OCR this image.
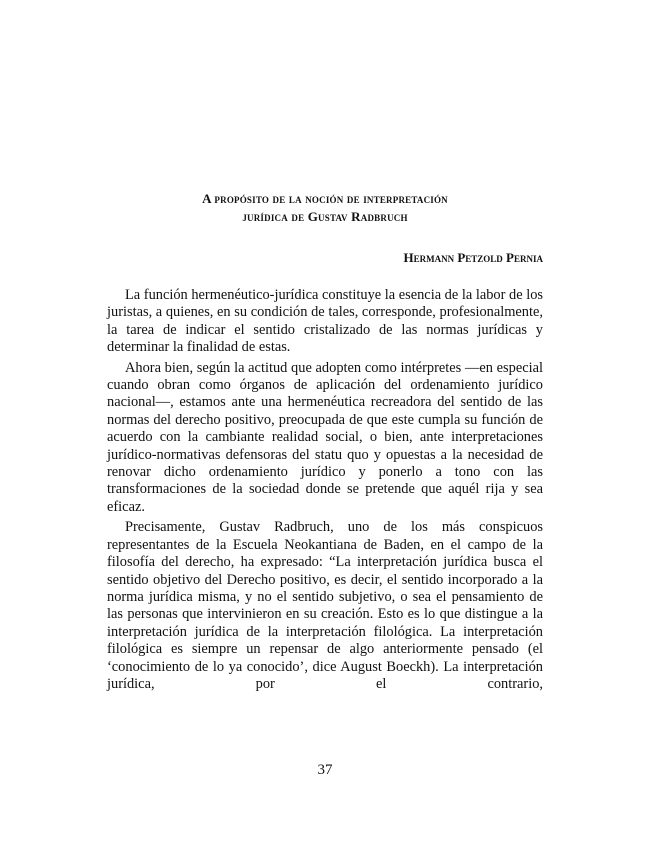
A propósito de la noción de interpretación
jurídica de Gustav Radbruch

Hermann Petzold Pernia

La función hermenéutico-jurídica constituye la esencia de la labor de los juristas, a quienes, en su condición de tales, corresponde, profesionalmente, la tarea de indicar el sentido cristalizado de las normas jurídicas y determinar la finalidad de estas.

Ahora bien, según la actitud que adopten como intérpretes —en especial cuando obran como órganos de aplicación del ordenamiento jurídico nacional—, estamos ante una hermenéutica recreadora del sentido de las normas del derecho positivo, preocupada de que este cumpla su función de acuerdo con la cambiante realidad social, o bien, ante interpretaciones jurídico-normativas defensoras del statu quo y opuestas a la necesidad de renovar dicho ordenamiento jurídico y ponerlo a tono con las transformaciones de la sociedad donde se pretende que aquél rija y sea eficaz.

Precisamente, Gustav Radbruch, uno de los más conspicuos representantes de la Escuela Neokantiana de Baden, en el campo de la filosofía del derecho, ha expresado: “La interpretación jurídica busca el sentido objetivo del Derecho positivo, es decir, el sentido incorporado a la norma jurídica misma, y no el sentido subjetivo, o sea el pensamiento de las personas que intervinieron en su creación. Esto es lo que distingue a la interpretación jurídica de la interpretación filológica. La interpretación filológica es siempre un repensar de algo anteriormente pensado (el ‘conocimiento de lo ya conocido’, dice August Boeckh). La interpretación jurídica, por el contrario,

37
